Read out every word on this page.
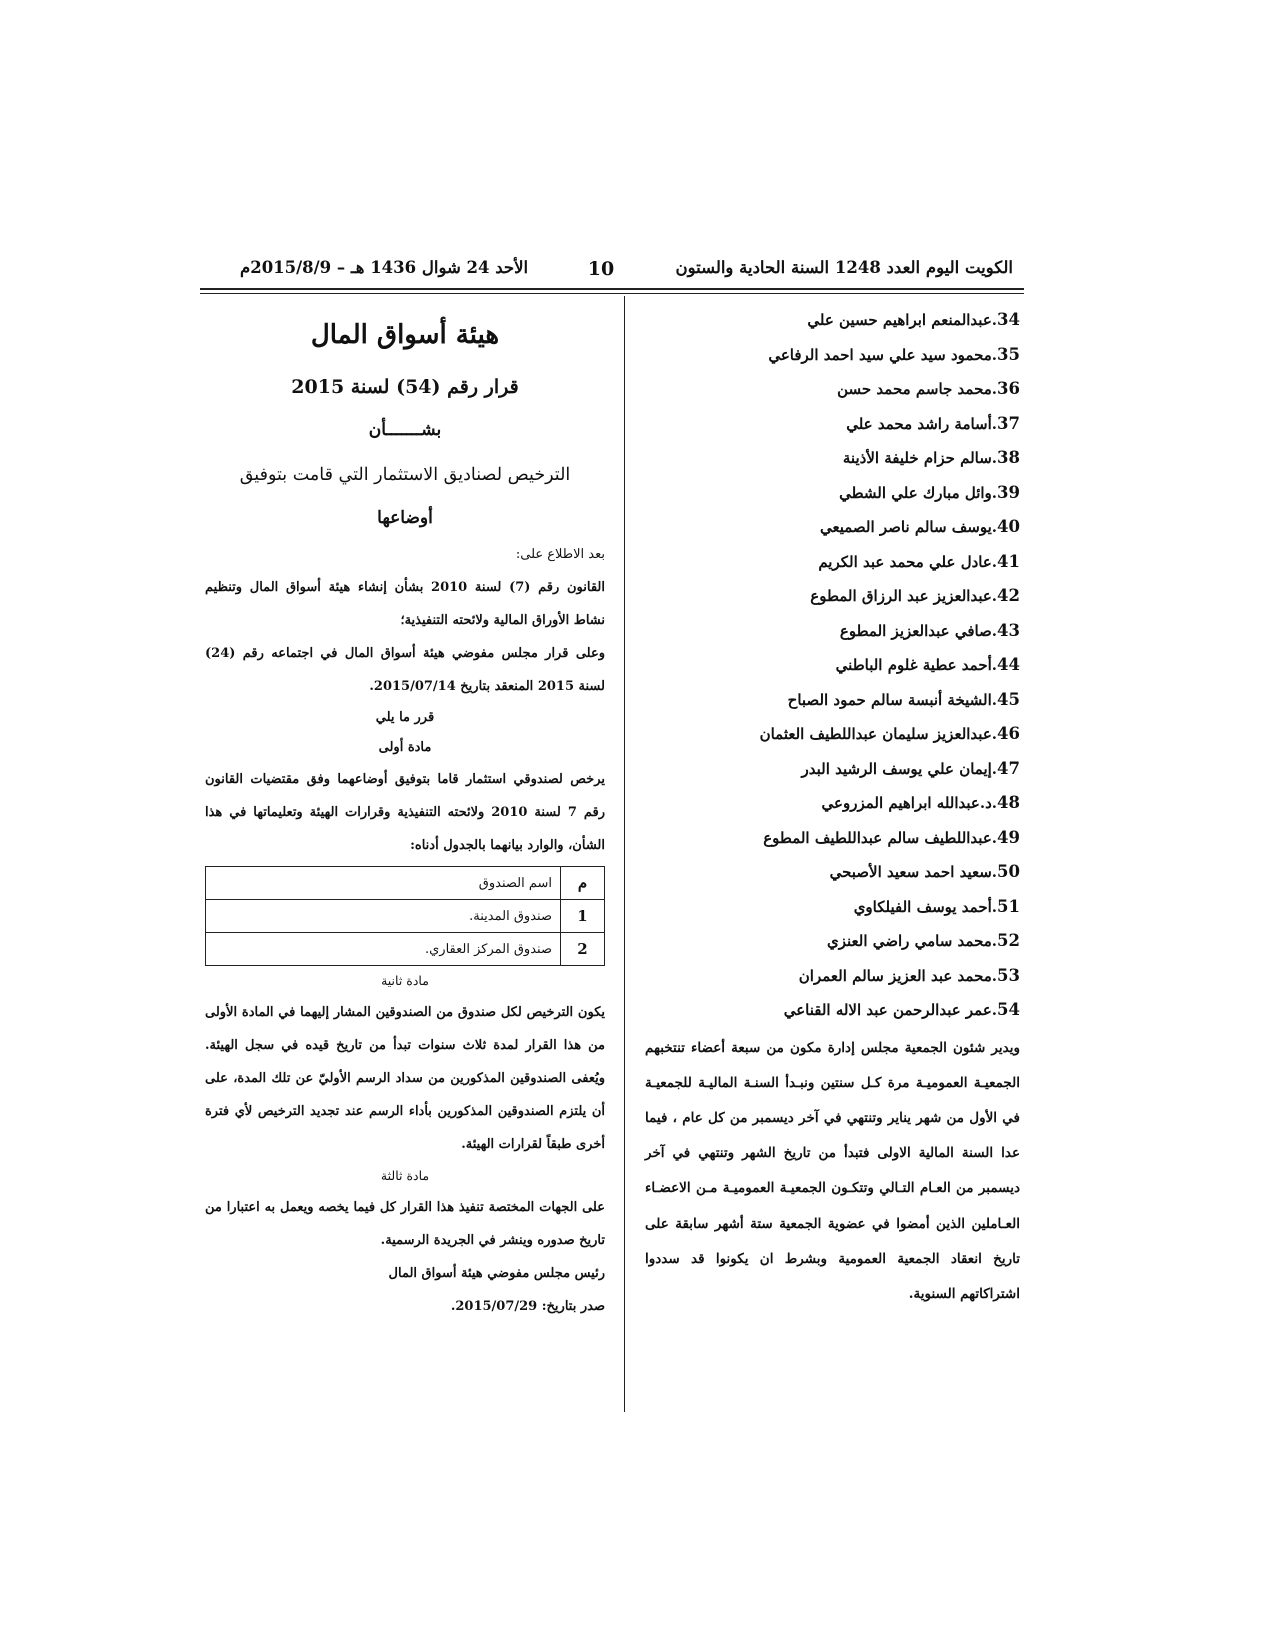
الكويت اليوم العدد 1248 السنة الحادية والستون
10
الأحد 24 شوال 1436 هـ – 2015/8/9م
34.عبدالمنعم ابراهيم حسين علي
35.محمود سيد علي سيد احمد الرفاعي
36.محمد جاسم محمد حسن
37.أسامة راشد محمد علي
38.سالم حزام خليفة الأذينة
39.وائل مبارك علي الشطي
40.يوسف سالم ناصر الصميعي
41.عادل علي محمد عبد الكريم
42.عبدالعزيز عبد الرزاق المطوع
43.صافي عبدالعزيز المطوع
44.أحمد عطية غلوم الباطني
45.الشيخة أنبسة سالم حمود الصباح
46.عبدالعزيز سليمان عبداللطيف العثمان
47.إيمان علي يوسف الرشيد البدر
48.د.عبدالله ابراهيم المزروعي
49.عبداللطيف سالم عبداللطيف المطوع
50.سعيد احمد سعيد الأصبحي
51.أحمد يوسف الفيلكاوي
52.محمد سامي راضي العنزي
53.محمد عبد العزيز سالم العمران
54.عمر عبدالرحمن عبد الاله القناعي
ويدير شئون الجمعية مجلس إدارة مكون من سبعة أعضاء تنتخبهم الجمعيـة العموميـة مرة كـل سنتين ونبـدأ السنـة الماليـة للجمعيـة في الأول من شهر يناير وتنتهي في آخر ديسمبر من كل عام ، فيما عدا السنة المالية الاولى فتبدأ من تاريخ الشهر وتنتهي في آخر ديسمبر من العـام التـالي وتتكـون الجمعيـة العموميـة مـن الاعضـاء العـاملين الذين أمضوا في عضوية الجمعية ستة أشهر سابقة على تاريخ انعقاد الجمعية العمومية وبشرط ان يكونوا قد سددوا اشتراكاتهم السنوية.
هيئة أسواق المال
قرار رقم (54) لسنة 2015
بشـــــــأن
الترخيص لصناديق الاستثمار التي قامت بتوفيق
أوضاعها
بعد الاطلاع على:
القانون رقم (7) لسنة 2010 بشأن إنشاء هيئة أسواق المال وتنظيم نشاط الأوراق المالية ولائحته التنفيذية؛
وعلى قرار مجلس مفوضي هيئة أسواق المال في اجتماعه رقم (24) لسنة 2015 المنعقد بتاريخ 2015/07/14.
قرر ما يلي
مادة أولى
يرخص لصندوقي استثمار قاما بتوفيق أوضاعهما وفق مقتضيات القانون رقم 7 لسنة 2010 ولائحته التنفيذية وقرارات الهيئة وتعليماتها في هذا الشأن، والوارد بيانهما بالجدول أدناه:
م	اسم الصندوق
1	صندوق المدينة.
2	صندوق المركز العقاري.
مادة ثانية
يكون الترخيص لكل صندوق من الصندوقين المشار إليهما في المادة الأولى من هذا القرار لمدة ثلاث سنوات تبدأ من تاريخ قيده في سجل الهيئة. ويُعفى الصندوقين المذكورين من سداد الرسم الأوليّ عن تلك المدة، على أن يلتزم الصندوقين المذكورين بأداء الرسم عند تجديد الترخيص لأي فترة أخرى طبقاً لقرارات الهيئة.
مادة ثالثة
على الجهات المختصة تنفيذ هذا القرار كل فيما يخصه ويعمل به اعتبارا من تاريخ صدوره وينشر في الجريدة الرسمية.
رئيس مجلس مفوضي هيئة أسواق المال
صدر بتاريخ: 2015/07/29.
